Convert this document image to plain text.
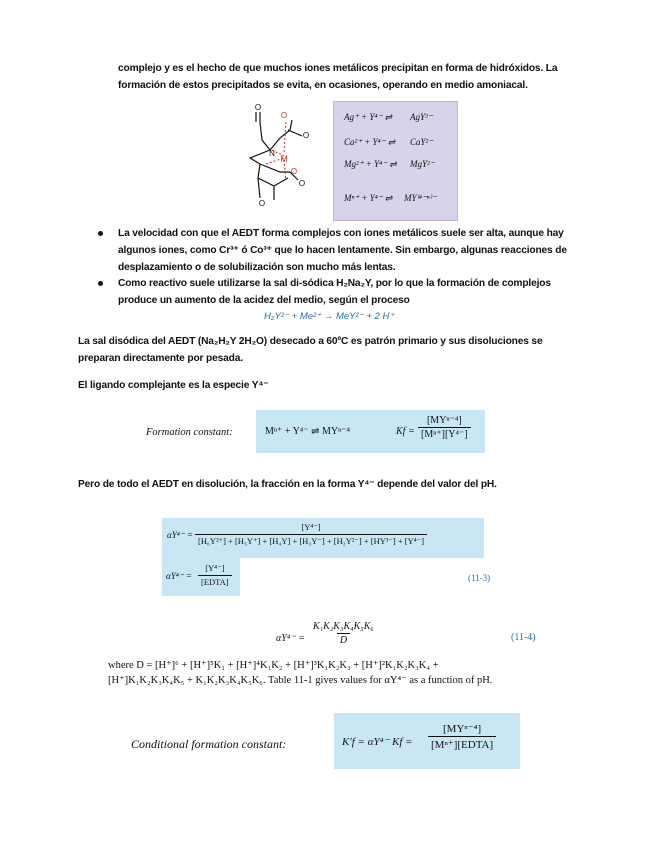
complejo y es el hecho de que muchos iones metálicos precipitan en forma de hidróxidos. La
formación de estos precipitados se evita, en ocasiones, operando en medio amoniacal.
O
O
O
N
M
O
O
O
Ag⁺ + Y⁴⁻ ⇌ AgY³⁻
Ca²⁺ + Y⁴⁻ ⇌ CaY²⁻
Mg²⁺ + Y⁴⁻ ⇌ MgY²⁻
Mⁿ⁺ + Y⁴⁻ ⇌ MY⁽⁴⁻ⁿ⁾⁻
La velocidad con que el AEDT forma complejos con iones metálicos suele ser alta, aunque hay
algunos iones, como Cr³⁺ ó Co³⁺ que lo hacen lentamente. Sin embargo, algunas reacciones de
desplazamiento o de solubilización son mucho más lentas.
Como reactivo suele utilizarse la sal di-sódica H₂Na₂Y, por lo que la formación de complejos
produce un aumento de la acidez del medio, según el proceso
H₂Y²⁻ + Me²⁺ → MeY²⁻ + 2 H⁺
La sal disódica del AEDT (Na₂H₂Y 2H₂O) desecado a 60ºC es patrón primario y sus disoluciones se
preparan directamente por pesada.
El ligando complejante es la especie Y⁴⁻
Formation constant:	Mⁿ⁺ + Y⁴⁻ ⇌ MYⁿ⁻⁴	Kf =
[MYⁿ⁻⁴]
[Mⁿ⁺][Y⁴⁻]
Pero de todo el AEDT en disolución, la fracción en la forma Y⁴⁻ depende del valor del pH.
$\alpha Y^{4-} = \frac{\text{[Y⁴⁻]}}{\text{[H₆Y²⁺] + [H₅Y⁺] + [H₄Y] + [H₃Y⁻] + [H₂Y²⁻] + [HY³⁻] + [Y⁴⁻]}}$
αY⁴⁻ =
[Y⁴⁻]
[EDTA]	(11-3)
$\alpha Y^{4-} = \frac{\text{K₁K₂K₃K₄K₅K₆}}{D}$	(11-4)
where D = [H⁺]⁶ + [H⁺]⁵K₁ + [H⁺]⁴K₁K₂ + [H⁺]³K₁K₂K₃ + [H⁺]²K₁K₂K₃K₄ +
[H⁺]K₁K₂K₃K₄K₅ + K₁K₂K₃K₄K₅K₆. Table 11-1 gives values for αY⁴⁻ as a function of pH.
Conditional formation constant:	K′f = αY⁴⁻ Kf =
[MYⁿ⁻⁴]
[Mⁿ⁺][EDTA]
